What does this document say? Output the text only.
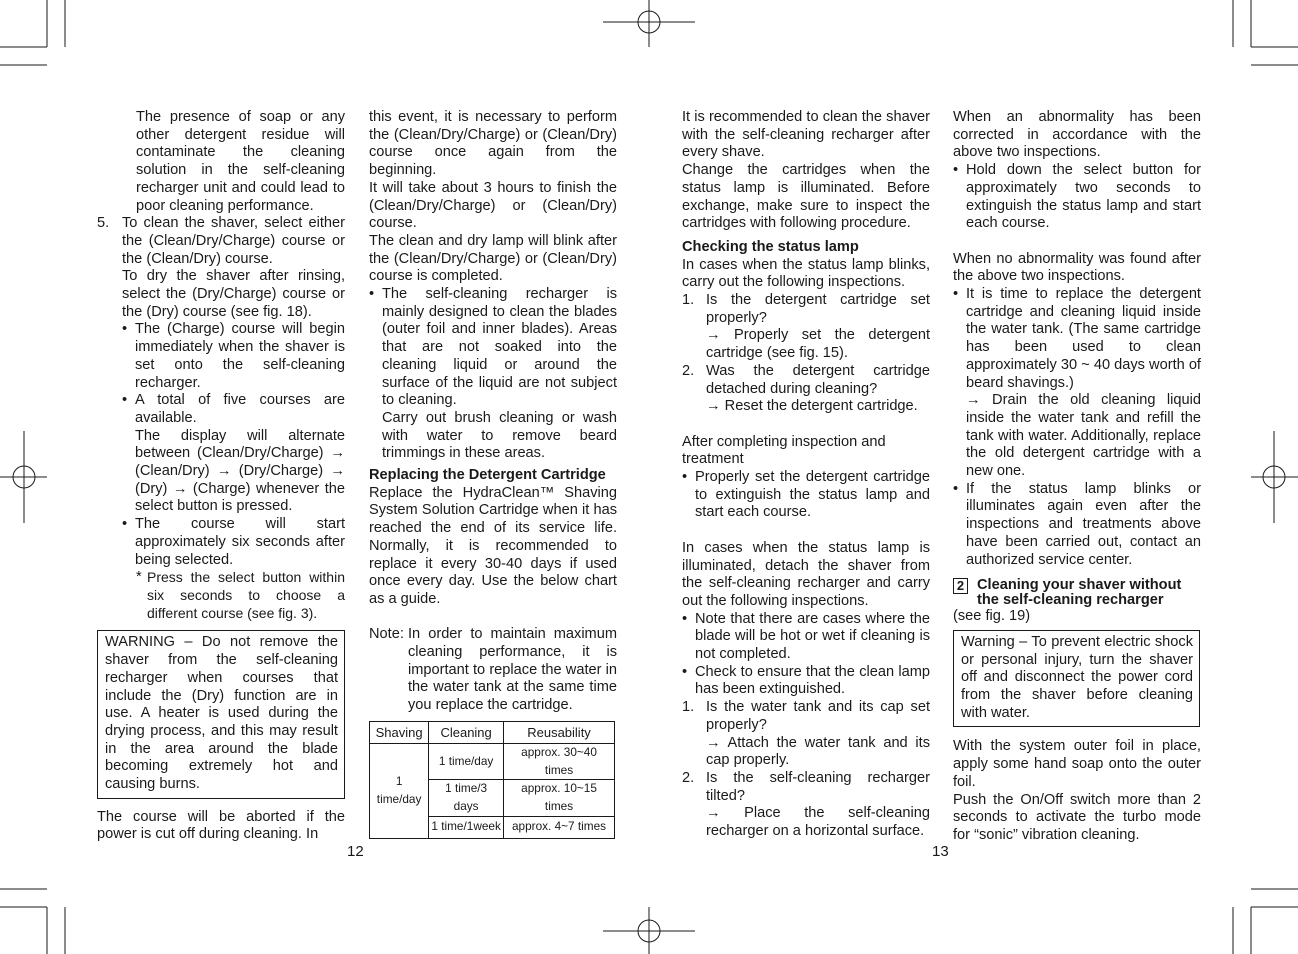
The presence of soap or any other detergent residue will contaminate the cleaning solution in the self-cleaning recharger unit and could lead to poor cleaning performance.

5. To clean the shaver, select either the (Clean/Dry/Charge) course or the (Clean/Dry) course.

To dry the shaver after rinsing, select the (Dry/Charge) course or the (Dry) course (see fig. 18).

• The (Charge) course will begin immediately when the shaver is set onto the self-cleaning recharger.
• A total of five courses are available.

The display will alternate between (Clean/Dry/Charge) → (Clean/Dry) → (Dry/Charge) → (Dry) → (Charge) whenever the select button is pressed.

• The course will start approximately six seconds after being selected.
* Press the select button within six seconds to choose a different course (see fig. 3).

WARNING – Do not remove the shaver from the self-cleaning recharger when courses that include the (Dry) function are in use. A heater is used during the drying process, and this may result in the area around the blade becoming extremely hot and causing burns.

The course will be aborted if the power is cut off during cleaning. In

this event, it is necessary to perform the (Clean/Dry/Charge) or (Clean/Dry) course once again from the beginning.

It will take about 3 hours to finish the (Clean/Dry/Charge) or (Clean/Dry) course.

The clean and dry lamp will blink after the (Clean/Dry/Charge) or (Clean/Dry) course is completed.

• The self-cleaning recharger is mainly designed to clean the blades (outer foil and inner blades). Areas that are not soaked into the cleaning liquid or around the surface of the liquid are not subject to cleaning.

Carry out brush cleaning or wash with water to remove beard trimmings in these areas.

Replacing the Detergent Cartridge

Replace the HydraClean™ Shaving System Solution Cartridge when it has reached the end of its service life. Normally, it is recommended to replace it every 30-40 days if used once every day. Use the below chart as a guide.

Note: In order to maintain maximum cleaning performance, it is important to replace the water in the water tank at the same time you replace the cartridge.
Shaving	Cleaning	Reusability
1 time/day	1 time/day	approx. 30~40 times
	1 time/3 days	approx. 10~15 times
	1 time/1week	approx. 4~7 times

It is recommended to clean the shaver with the self-cleaning recharger after every shave.

Change the cartridges when the status lamp is illuminated. Before exchange, make sure to inspect the cartridges with following procedure.

Checking the status lamp

In cases when the status lamp blinks, carry out the following inspections.

1. Is the detergent cartridge set properly?

→ Properly set the detergent cartridge (see fig. 15).

2. Was the detergent cartridge detached during cleaning?

→ Reset the detergent cartridge.

After completing inspection and treatment

• Properly set the detergent cartridge to extinguish the status lamp and start each course.

In cases when the status lamp is illuminated, detach the shaver from the self-cleaning recharger and carry out the following inspections.

• Note that there are cases where the blade will be hot or wet if cleaning is not completed.
• Check to ensure that the clean lamp has been extinguished.
1. Is the water tank and its cap set properly?

→ Attach the water tank and its cap properly.

2. Is the self-cleaning recharger tilted?

→ Place the self-cleaning recharger on a horizontal surface.

When an abnormality has been corrected in accordance with the above two inspections.

• Hold down the select button for approximately two seconds to extinguish the status lamp and start each course.

When no abnormality was found after the above two inspections.

• It is time to replace the detergent cartridge and cleaning liquid inside the water tank. (The same cartridge has been used to clean approximately 30 ~ 40 days worth of beard shavings.)

→ Drain the old cleaning liquid inside the water tank and refill the tank with water. Additionally, replace the old detergent cartridge with a new one.

• If the status lamp blinks or illuminates again even after the inspections and treatments above have been carried out, contact an authorized service center.
2 Cleaning your shaver without the self-cleaning recharger

(see fig. 19)

Warning – To prevent electric shock or personal injury, turn the shaver off and disconnect the power cord from the shaver before cleaning with water.

With the system outer foil in place, apply some hand soap onto the outer foil.

Push the On/Off switch more than 2 seconds to activate the turbo mode for “sonic” vibration cleaning.

12	13
